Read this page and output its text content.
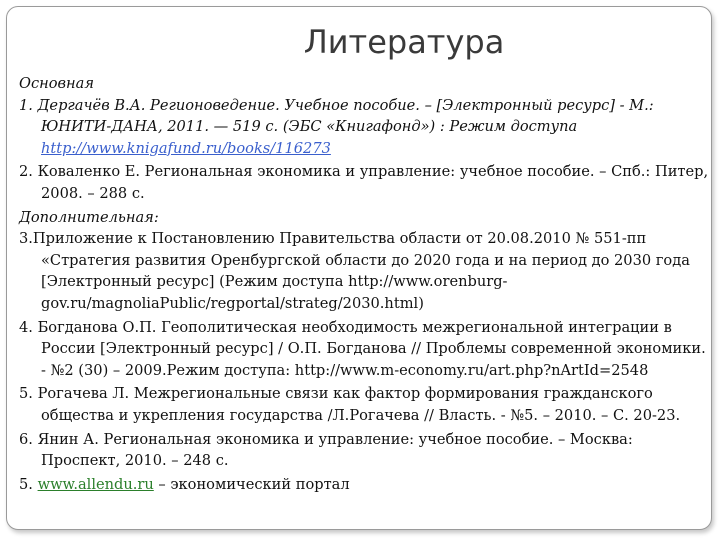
Литература

Основная

1. Дергачёв В.А. Регионоведение. Учебное пособие. – [Электронный ресурс] - М.: ЮНИТИ-ДАНА, 2011. — 519 с. (ЭБС «Книгафонд») : Режим доступа http://www.knigafund.ru/books/116273

2. Коваленко Е. Региональная экономика и управление: учебное пособие. – Спб.: Питер, 2008. – 288 с.

Дополнительная:

3.Приложение к Постановлению Правительства области от 20.08.2010 № 551-пп «Стратегия развития Оренбургской области до 2020 года и на период до 2030 года [Электронный ресурс] (Режим доступа http://www.orenburg-gov.ru/magnoliaPublic/regportal/strateg/2030.html)

4. Богданова О.П. Геополитическая необходимость межрегиональной интеграции в России [Электронный ресурс] / О.П. Богданова // Проблемы современной экономики. - №2 (30) – 2009.Режим доступа: http://www.m-economy.ru/art.php?nArtId=2548

5. Рогачева Л. Межрегиональные связи как фактор формирования гражданского общества и укрепления государства /Л.Рогачева // Власть. - №5. – 2010. – С. 20-23.

6. Янин А. Региональная экономика и управление: учебное пособие. – Москва: Проспект, 2010. – 248 с.

5. www.allendu.ru – экономический портал
